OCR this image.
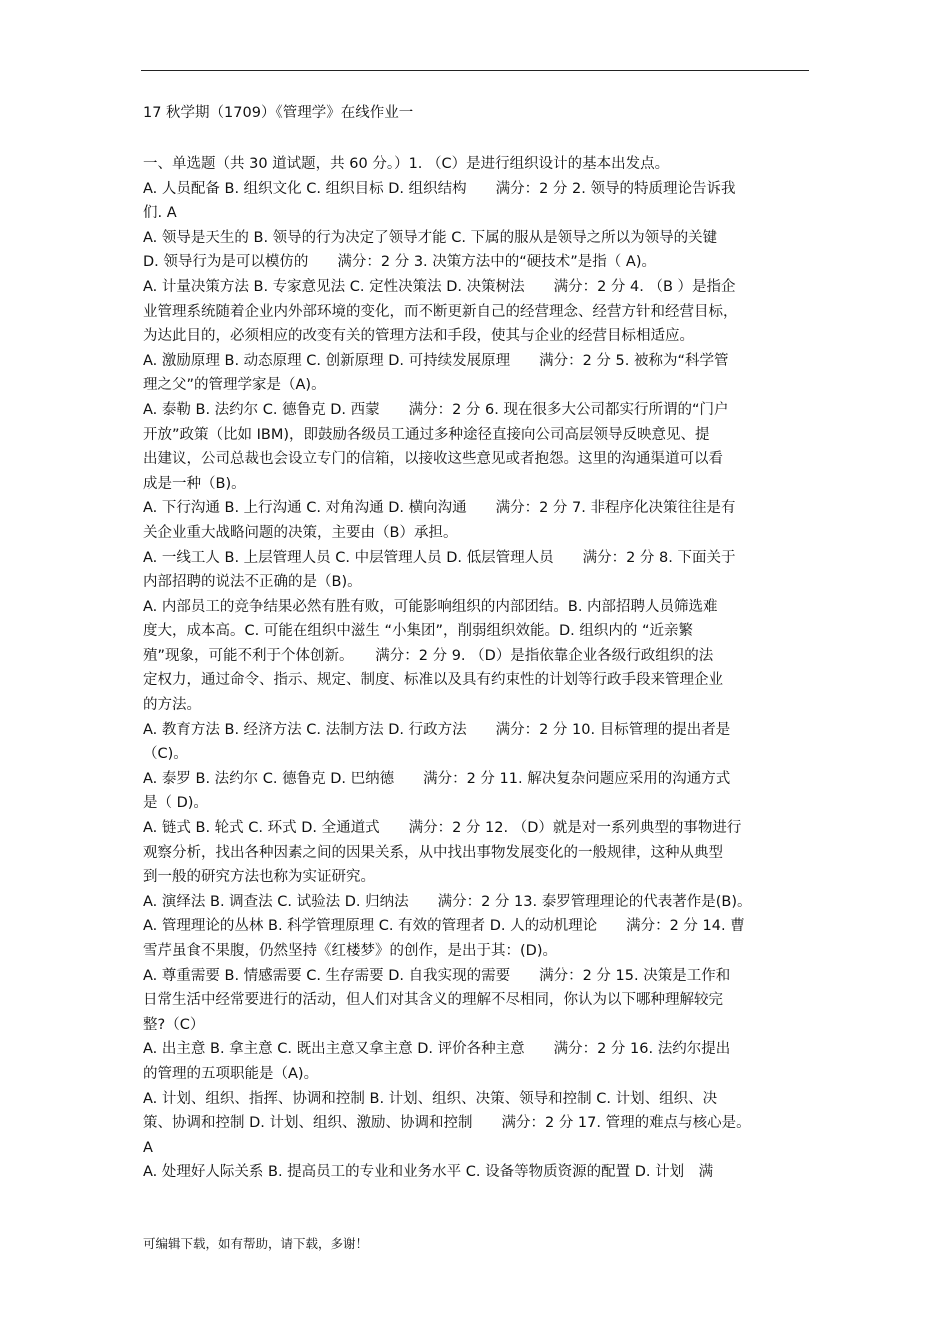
17 秋学期（1709）《管理学》在线作业一
一、单选题（共 30 道试题，共 60 分。）1. （C）是进行组织设计的基本出发点。
A. 人员配备 B. 组织文化 C. 组织目标 D. 组织结构　　满分：2 分 2. 领导的特质理论告诉我
们. A
A. 领导是天生的 B. 领导的行为决定了领导才能 C. 下属的服从是领导之所以为领导的关键
D. 领导行为是可以模仿的　　满分：2 分 3. 决策方法中的“硬技术”是指（ A)。
A. 计量决策方法 B. 专家意见法 C. 定性决策法 D. 决策树法　　满分：2 分 4. （B ）是指企
业管理系统随着企业内外部环境的变化，而不断更新自己的经营理念、经营方针和经营目标，
为达此目的，必须相应的改变有关的管理方法和手段，使其与企业的经营目标相适应。
A. 激励原理 B. 动态原理 C. 创新原理 D. 可持续发展原理　　满分：2 分 5. 被称为“科学管
理之父”的管理学家是（A)。
A. 泰勒 B. 法约尔 C. 德鲁克 D. 西蒙　　满分：2 分 6. 现在很多大公司都实行所谓的“门户
开放”政策（比如 IBM)，即鼓励各级员工通过多种途径直接向公司高层领导反映意见、提
出建议，公司总裁也会设立专门的信箱，以接收这些意见或者抱怨。这里的沟通渠道可以看
成是一种（B)。
A. 下行沟通 B. 上行沟通 C. 对角沟通 D. 横向沟通　　满分：2 分 7. 非程序化决策往往是有
关企业重大战略问题的决策，主要由（B）承担。
A. 一线工人 B. 上层管理人员 C. 中层管理人员 D. 低层管理人员　　满分：2 分 8. 下面关于
内部招聘的说法不正确的是（B)。
A. 内部员工的竞争结果必然有胜有败，可能影响组织的内部团结。B. 内部招聘人员筛选难
度大，成本高。C. 可能在组织中滋生 “小集团”，削弱组织效能。D. 组织内的 “近亲繁
殖”现象，可能不利于个体创新。　　满分：2 分 9. （D）是指依靠企业各级行政组织的法
定权力，通过命令、指示、规定、制度、标准以及具有约束性的计划等行政手段来管理企业
的方法。
A. 教育方法 B. 经济方法 C. 法制方法 D. 行政方法　　满分：2 分 10. 目标管理的提出者是
（C)。
A. 泰罗 B. 法约尔 C. 德鲁克 D. 巴纳德　　满分：2 分 11. 解决复杂问题应采用的沟通方式
是（ D)。
A. 链式 B. 轮式 C. 环式 D. 全通道式　　满分：2 分 12. （D）就是对一系列典型的事物进行
观察分析，找出各种因素之间的因果关系，从中找出事物发展变化的一般规律，这种从典型
到一般的研究方法也称为实证研究。
A. 演绎法 B. 调查法 C. 试验法 D. 归纳法　　满分：2 分 13. 泰罗管理理论的代表著作是(B)。
A. 管理理论的丛林 B. 科学管理原理 C. 有效的管理者 D. 人的动机理论　　满分：2 分 14. 曹
雪芹虽食不果腹，仍然坚持《红楼梦》的创作，是出于其：(D)。
A. 尊重需要 B. 情感需要 C. 生存需要 D. 自我实现的需要　　满分：2 分 15. 决策是工作和
日常生活中经常要进行的活动，但人们对其含义的理解不尽相同，你认为以下哪种理解较完
整?（C）
A. 出主意 B. 拿主意 C. 既出主意又拿主意 D. 评价各种主意　　满分：2 分 16. 法约尔提出
的管理的五项职能是（A)。
A. 计划、组织、指挥、协调和控制 B. 计划、组织、决策、领导和控制 C. 计划、组织、决
策、协调和控制 D. 计划、组织、激励、协调和控制　　满分：2 分 17. 管理的难点与核心是。
A
A. 处理好人际关系 B. 提高员工的专业和业务水平 C. 设备等物质资源的配置 D. 计划　满
可编辑下载，如有帮助，请下载，多谢！
